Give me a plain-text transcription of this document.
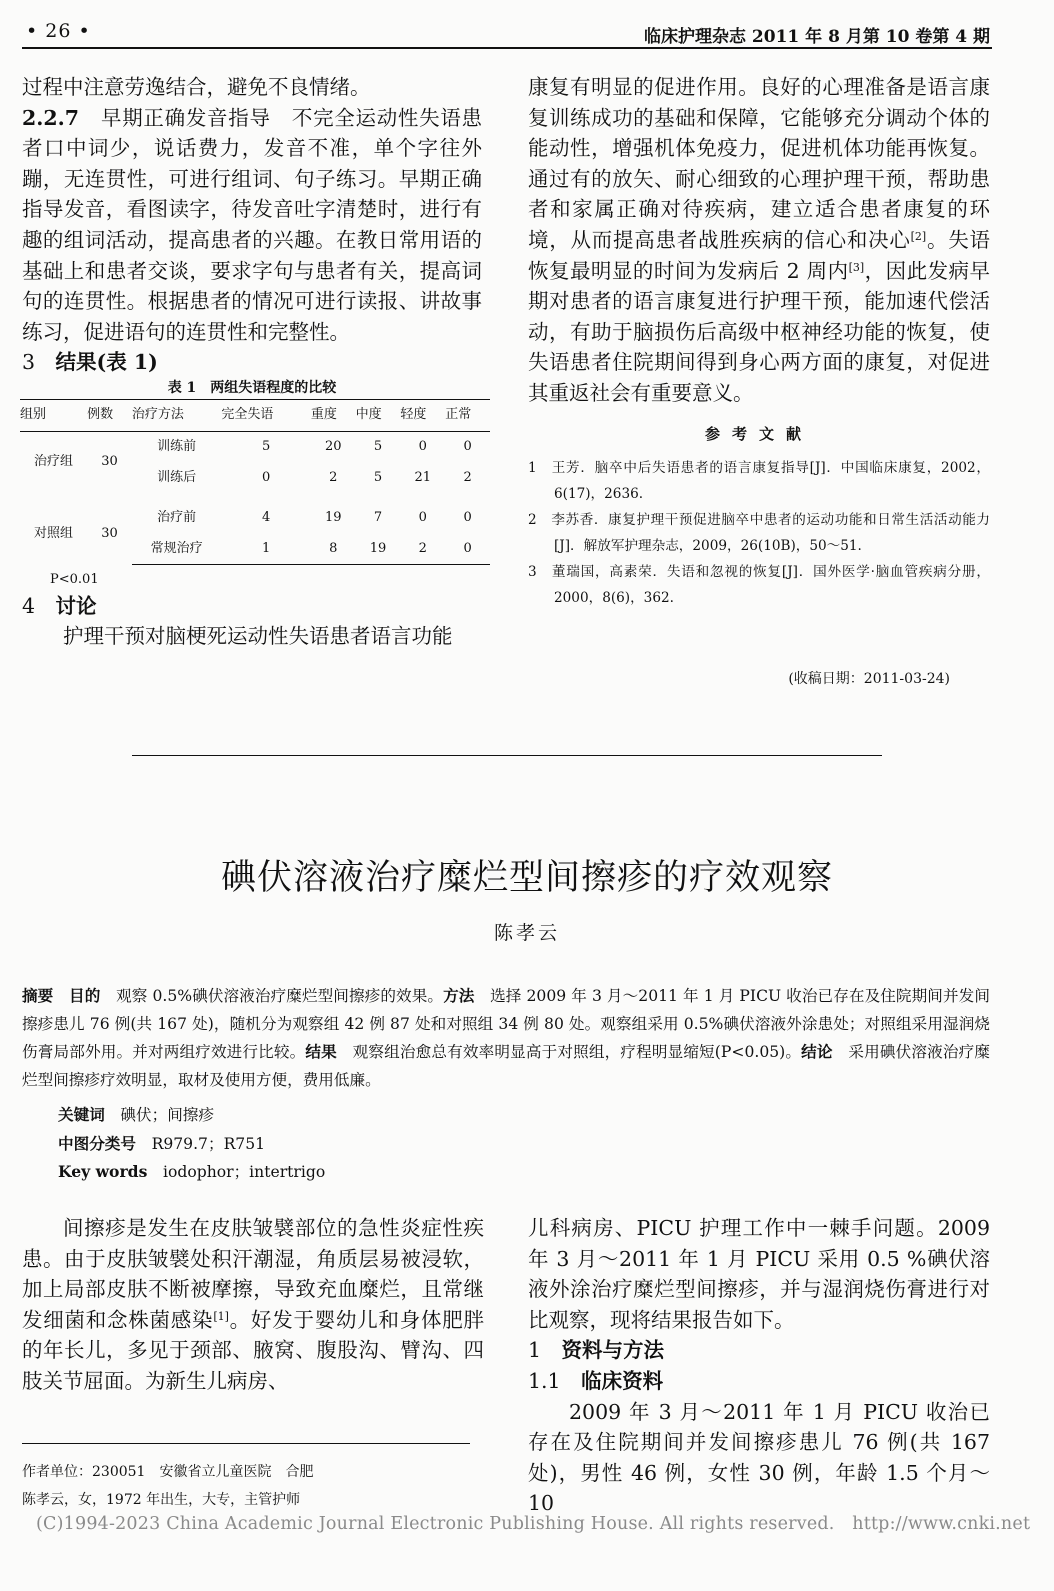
• 26 •	临床护理杂志 2011 年 8 月第 10 卷第 4 期

过程中注意劳逸结合，避免不良情绪。

2.2.7　 早期正确发音指导　 不完全运动性失语患者口中词少，说话费力，发音不准，单个字往外蹦，无连贯性，可进行组词、句子练习。早期正确指导发音，看图读字，待发音吐字清楚时，进行有趣的组词活动，提高患者的兴趣。在教日常用语的基础上和患者交谈，要求字句与患者有关，提高词句的连贯性。根据患者的情况可进行读报、讲故事练习，促进语句的连贯性和完整性。

3　 结果(表 1)

表 1　两组失语程度的比较

组别	例数	治疗方法	完全失语	重度	中度	轻度	正常
治疗组	30	训练前	5	20	5	0	0
		训练后	0	2	5	21	2
对照组	30	治疗前	4	19	7	0	0
		常规治疗	1	8	19	2	0
P<0.01

4　 讨论

护理干预对脑梗死运动性失语患者语言功能

康复有明显的促进作用。良好的心理准备是语言康复训练成功的基础和保障，它能够充分调动个体的能动性，增强机体免疫力，促进机体功能再恢复。通过有的放矢、耐心细致的心理护理干预，帮助患者和家属正确对待疾病，建立适合患者康复的环境，从而提高患者战胜疾病的信心和决心[2]。失语恢复最明显的时间为发病后 2 周内[3]，因此发病早期对患者的语言康复进行护理干预，能加速代偿活动，有助于脑损伤后高级中枢神经功能的恢复，使失语患者住院期间得到身心两方面的康复，对促进其重返社会有重要意义。

参考文献

1　王芳．脑卒中后失语患者的语言康复指导[J]．中国临床康复，2002，6(17)，2636.

2　李苏香．康复护理干预促进脑卒中患者的运动功能和日常生活活动能力[J]．解放军护理杂志，2009，26(10B)，50～51.

3　董瑞国，高素荣．失语和忽视的恢复[J]．国外医学·脑血管疾病分册，2000，8(6)，362.

(收稿日期：2011-03-24)
碘伏溶液治疗糜烂型间擦疹的疗效观察
陈孝云
摘要　 目的　 观察 0.5%碘伏溶液治疗糜烂型间擦疹的效果。方法　 选择 2009 年 3 月～2011 年 1 月 PICU 收治已存在及住院期间并发间擦疹患儿 76 例(共 167 处)，随机分为观察组 42 例 87 处和对照组 34 例 80 处。观察组采用 0.5%碘伏溶液外涂患处；对照组采用湿润烧伤膏局部外用。并对两组疗效进行比较。结果　 观察组治愈总有效率明显高于对照组，疗程明显缩短(P<0.05)。结论　 采用碘伏溶液治疗糜烂型间擦疹疗效明显，取材及使用方便，费用低廉。

关键词　 碘伏；间擦疹

中图分类号　 R979.7；R751

Key words　 iodophor；intertrigo

间擦疹是发生在皮肤皱襞部位的急性炎症性疾患。由于皮肤皱襞处积汗潮湿，角质层易被浸软，加上局部皮肤不断被摩擦，导致充血糜烂，且常继发细菌和念株菌感染[1]。好发于婴幼儿和身体肥胖的年长儿，多见于颈部、腋窝、腹股沟、臂沟、四肢关节屈面。为新生儿病房、

儿科病房、PICU 护理工作中一棘手问题。2009 年 3 月～2011 年 1 月 PICU 采用 0.5 %碘伏溶液外涂治疗糜烂型间擦疹，并与湿润烧伤膏进行对比观察，现将结果报告如下。

1　 资料与方法

1.1　 临床资料

2009 年 3 月～2011 年 1 月 PICU 收治已存在及住院期间并发间擦疹患儿 76 例(共 167 处)，男性 46 例，女性 30 例，年龄 1.5 个月～10

作者单位：230051　安徽省立儿童医院　合肥

陈孝云，女，1972 年出生，大专，主管护师

(C)1994-2023 China Academic Journal Electronic Publishing House. All rights reserved.　http://www.cnki.net
